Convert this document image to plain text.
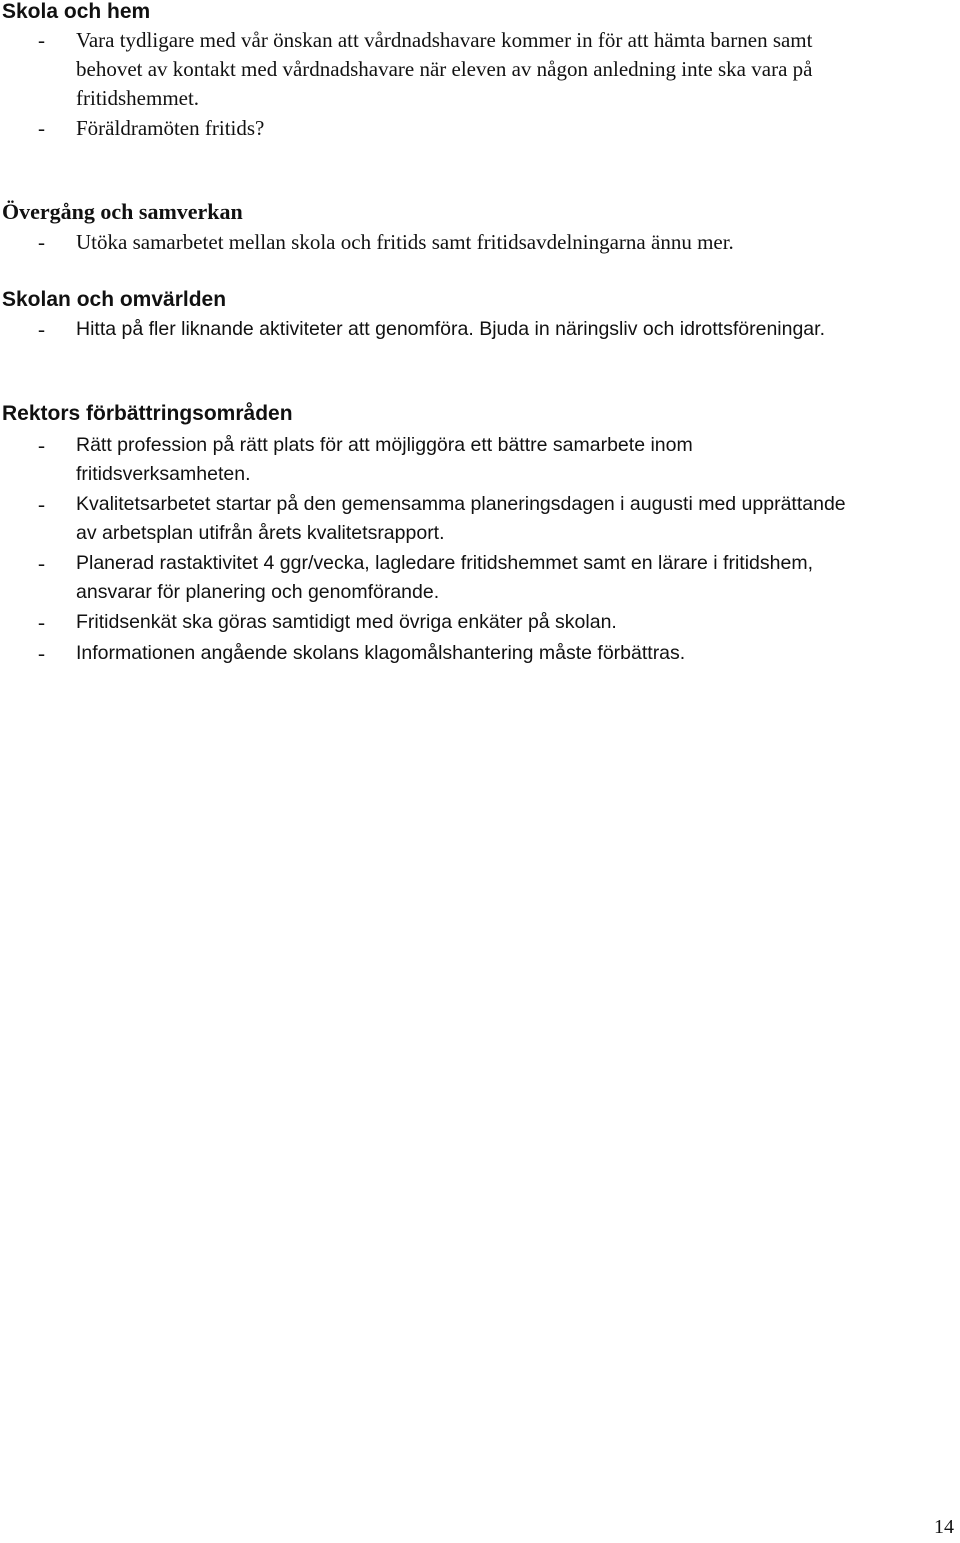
Skola och hem
- Vara tydligare med vår önskan att vårdnadshavare kommer in för att hämta barnen samt
behovet av kontakt med vårdnadshavare när eleven av någon anledning inte ska vara på
fritidshemmet.
- Föräldramöten fritids?
Övergång och samverkan
- Utöka samarbetet mellan skola och fritids samt fritidsavdelningarna ännu mer.
Skolan och omvärlden
- Hitta på fler liknande aktiviteter att genomföra. Bjuda in näringsliv och idrottsföreningar.
Rektors förbättringsområden
- Rätt profession på rätt plats för att möjliggöra ett bättre samarbete inom
fritidsverksamheten.
- Kvalitetsarbetet startar på den gemensamma planeringsdagen i augusti med upprättande
av arbetsplan utifrån årets kvalitetsrapport.
- Planerad rastaktivitet 4 ggr/vecka, lagledare fritidshemmet samt en lärare i fritidshem,
ansvarar för planering och genomförande.
- Fritidsenkät ska göras samtidigt med övriga enkäter på skolan.
- Informationen angående skolans klagomålshantering måste förbättras.
14
